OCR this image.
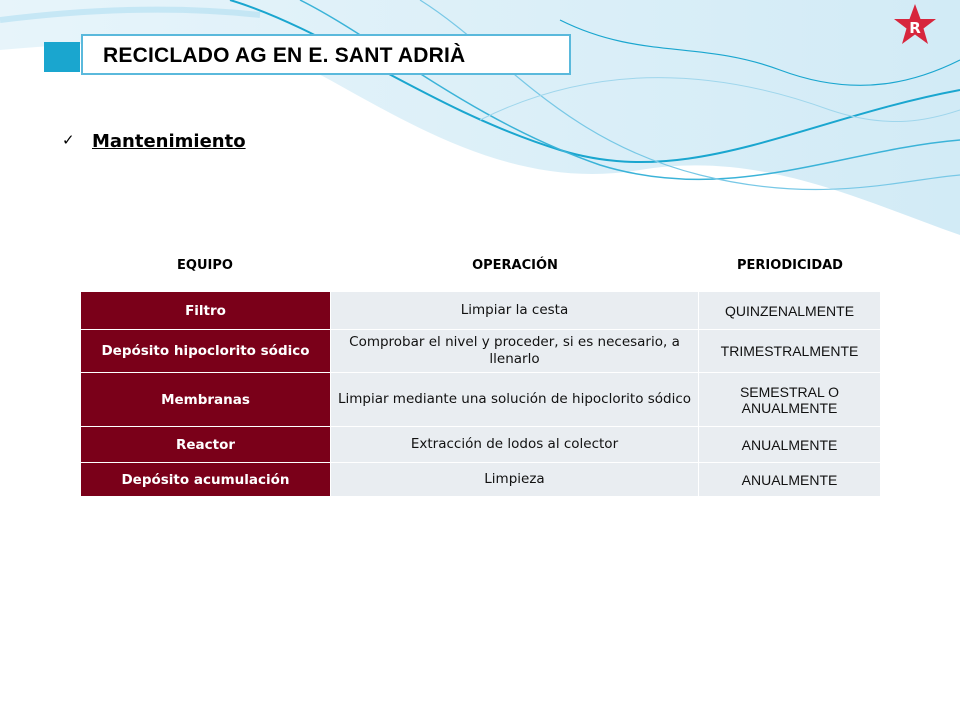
RECICLADO AG EN E. SANT ADRIÀ
R
✓ Mantenimiento
EQUIPO	OPERACIÓN	PERIODICIDAD
Filtro	Limpiar la cesta	QUINZENALMENTE
Depósito hipoclorito sódico	Comprobar el nivel y proceder, si es necesario, a llenarlo	TRIMESTRALMENTE
Membranas	Limpiar mediante una solución de hipoclorito sódico	SEMESTRAL O ANUALMENTE
Reactor	Extracción de lodos al colector	ANUALMENTE
Depósito acumulación	Limpieza	ANUALMENTE
